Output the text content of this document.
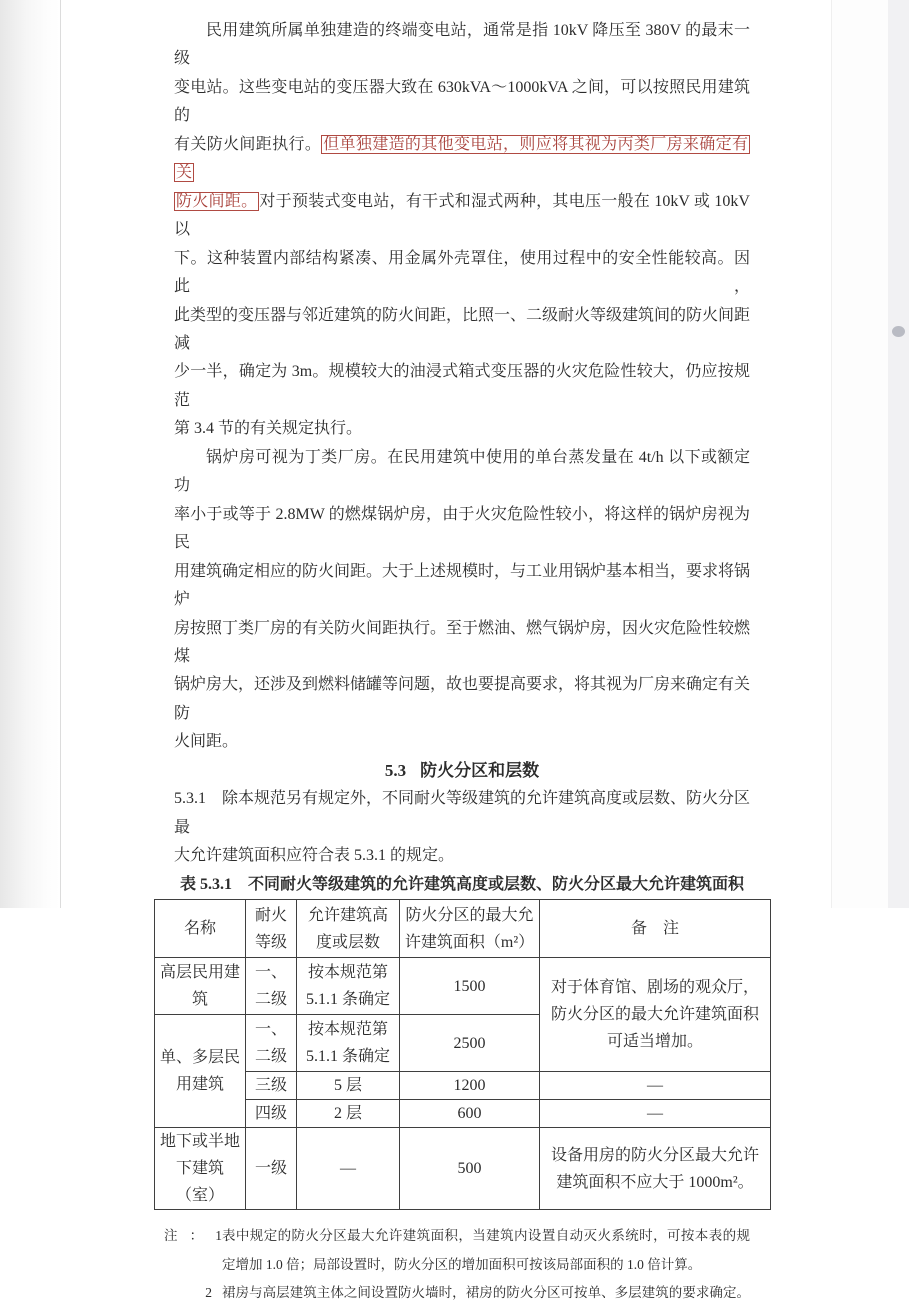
民用建筑所属单独建造的终端变电站，通常是指 10kV 降压至 380V 的最末一级
变电站。这些变电站的变压器大致在 630kVA～1000kVA 之间，可以按照民用建筑的
有关防火间距执行。 但单独建造的其他变电站，则应将其视为丙类厂房来确定有关
防火间距。 对于预装式变电站，有干式和湿式两种，其电压一般在 10kV 或 10kV 以
下。这种装置内部结构紧凑、用金属外壳罩住，使用过程中的安全性能较高。因此，
此类型的变压器与邻近建筑的防火间距，比照一、二级耐火等级建筑间的防火间距减
少一半，确定为 3m。规模较大的油浸式箱式变压器的火灾危险性较大，仍应按规范
第 3.4 节的有关规定执行。
锅炉房可视为丁类厂房。在民用建筑中使用的单台蒸发量在 4t/h 以下或额定功
率小于或等于 2.8MW 的燃煤锅炉房，由于火灾危险性较小，将这样的锅炉房视为民
用建筑确定相应的防火间距。大于上述规模时，与工业用锅炉基本相当，要求将锅炉
房按照丁类厂房的有关防火间距执行。至于燃油、燃气锅炉房，因火灾危险性较燃煤
锅炉房大，还涉及到燃料储罐等问题，故也要提高要求，将其视为厂房来确定有关防
火间距。
5.3 防火分区和层数
5.3.1　除本规范另有规定外，不同耐火等级建筑的允许建筑高度或层数、防火分区最
大允许建筑面积应符合表 5.3.1 的规定。
表 5.3.1　不同耐火等级建筑的允许建筑高度或层数、防火分区最大允许建筑面积
名称	耐火等级	允许建筑高度或层数	防火分区的最大允许建筑面积（m²）	备　注
高层民用建筑	一、二级	按本规范第 5.1.1 条确定	1500	对于体育馆、剧场的观众厅，防火分区的最大允许建筑面积可适当增加。
单、多层民用建筑	一、二级	按本规范第 5.1.1 条确定	2500	
	三级	5 层	1200	—
	四级	2 层	600	—
地下或半地下建筑（室）	一级	—	500	设备用房的防火分区最大允许建筑面积不应大于 1000m²。
注：1 表中规定的防火分区最大允许建筑面积，当建筑内设置自动灭火系统时，可按本表的规
定增加 1.0 倍；局部设置时，防火分区的增加面积可按该局部面积的 1.0 倍计算。
2 裙房与高层建筑主体之间设置防火墙时，裙房的防火分区可按单、多层建筑的要求确定。
